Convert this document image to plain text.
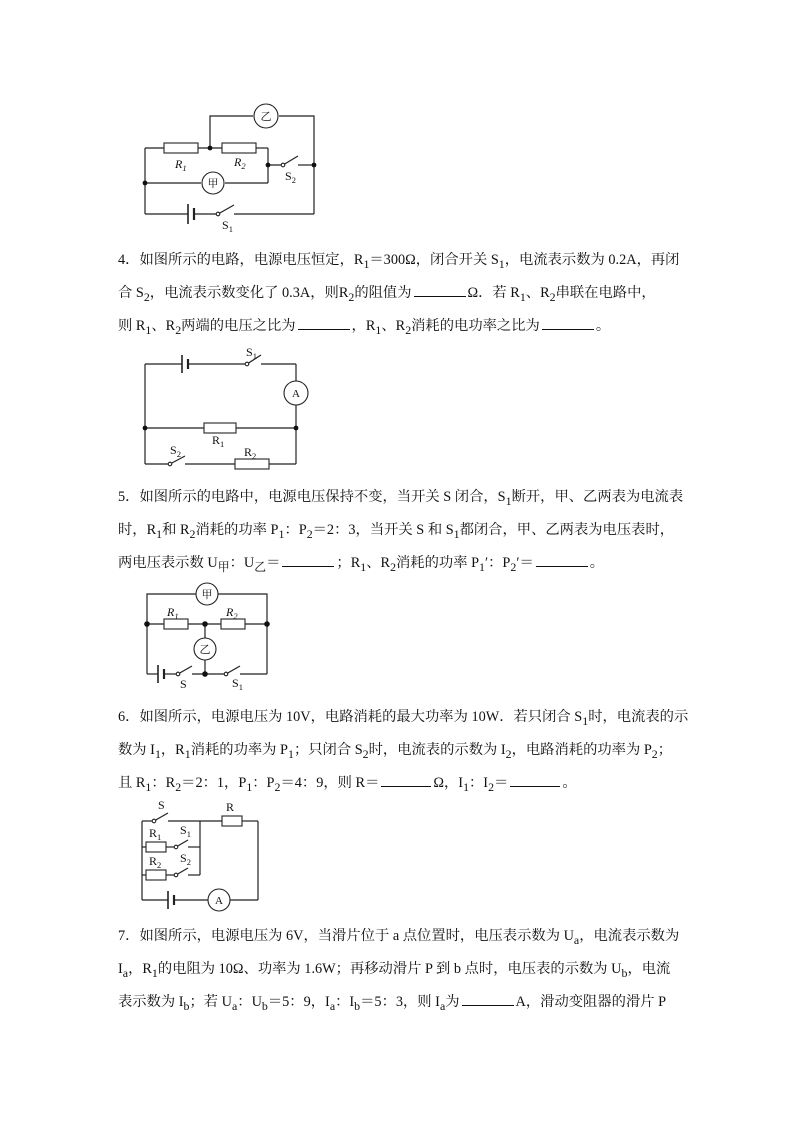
乙
甲
$R_1$	$R_2$
$S_2$
$S_1$

4．如图所示的电路，电源电压恒定，$R_1=300\Omega$，闭合开关 $S_1$，电流表示数为 0.2A，再闭

合 $S_2$，电流表示数变化了 0.3A，则$R_2$的阻值为	Ω．若 $R_1$、$R_2$串联在电路中，

则 $R_1$、$R_2$两端的电压之比为	，$R_1$、$R_2$消耗的电功率之比为	。

A
$S_1$
$R_1$
$S_2$	$R_2$

5．如图所示的电路中，电源电压保持不变，当开关 S 闭合，$S_1$断开，甲、乙两表为电流表

时，$R_1$和 $R_2$消耗的功率 $P_1$：$P_2=2$：3，当开关 S 和 $S_1$都闭合，甲、乙两表为电压表时，

两电压表示数 $U_甲$：$U_乙=$	；$R_1$、$R_2$消耗的功率 $P_1'$：$P_2'=$	。

甲
乙
$R_1$	$R_2$
S	$S_1$

6．如图所示，电源电压为 10V，电路消耗的最大功率为 10W．若只闭合 $S_1$时，电流表的示

数为 $I_1$，$R_1$消耗的功率为 $P_1$；只闭合 $S_2$时，电流表的示数为 $I_2$，电路消耗的功率为 $P_2$；

且 $R_1$：$R_2=2$：1，$P_1$：$P_2=4$：9，则 R＝	Ω，$I_1$：$I_2=$	。

A
S	R
$R_1$ $S_1$
$R_2$ $S_2$

7．如图所示，电源电压为 6V，当滑片位于 a 点位置时，电压表示数为 $U_a$，电流表示数为

$I_a$，$R_1$的电阻为 10Ω、功率为 1.6W；再移动滑片 P 到 b 点时，电压表的示数为 $U_b$，电流

表示数为 $I_b$；若 $U_a$：$U_b=5$：9，$I_a$：$I_b=5$：3，则 $I_a$为	A，滑动变阻器的滑片 P
